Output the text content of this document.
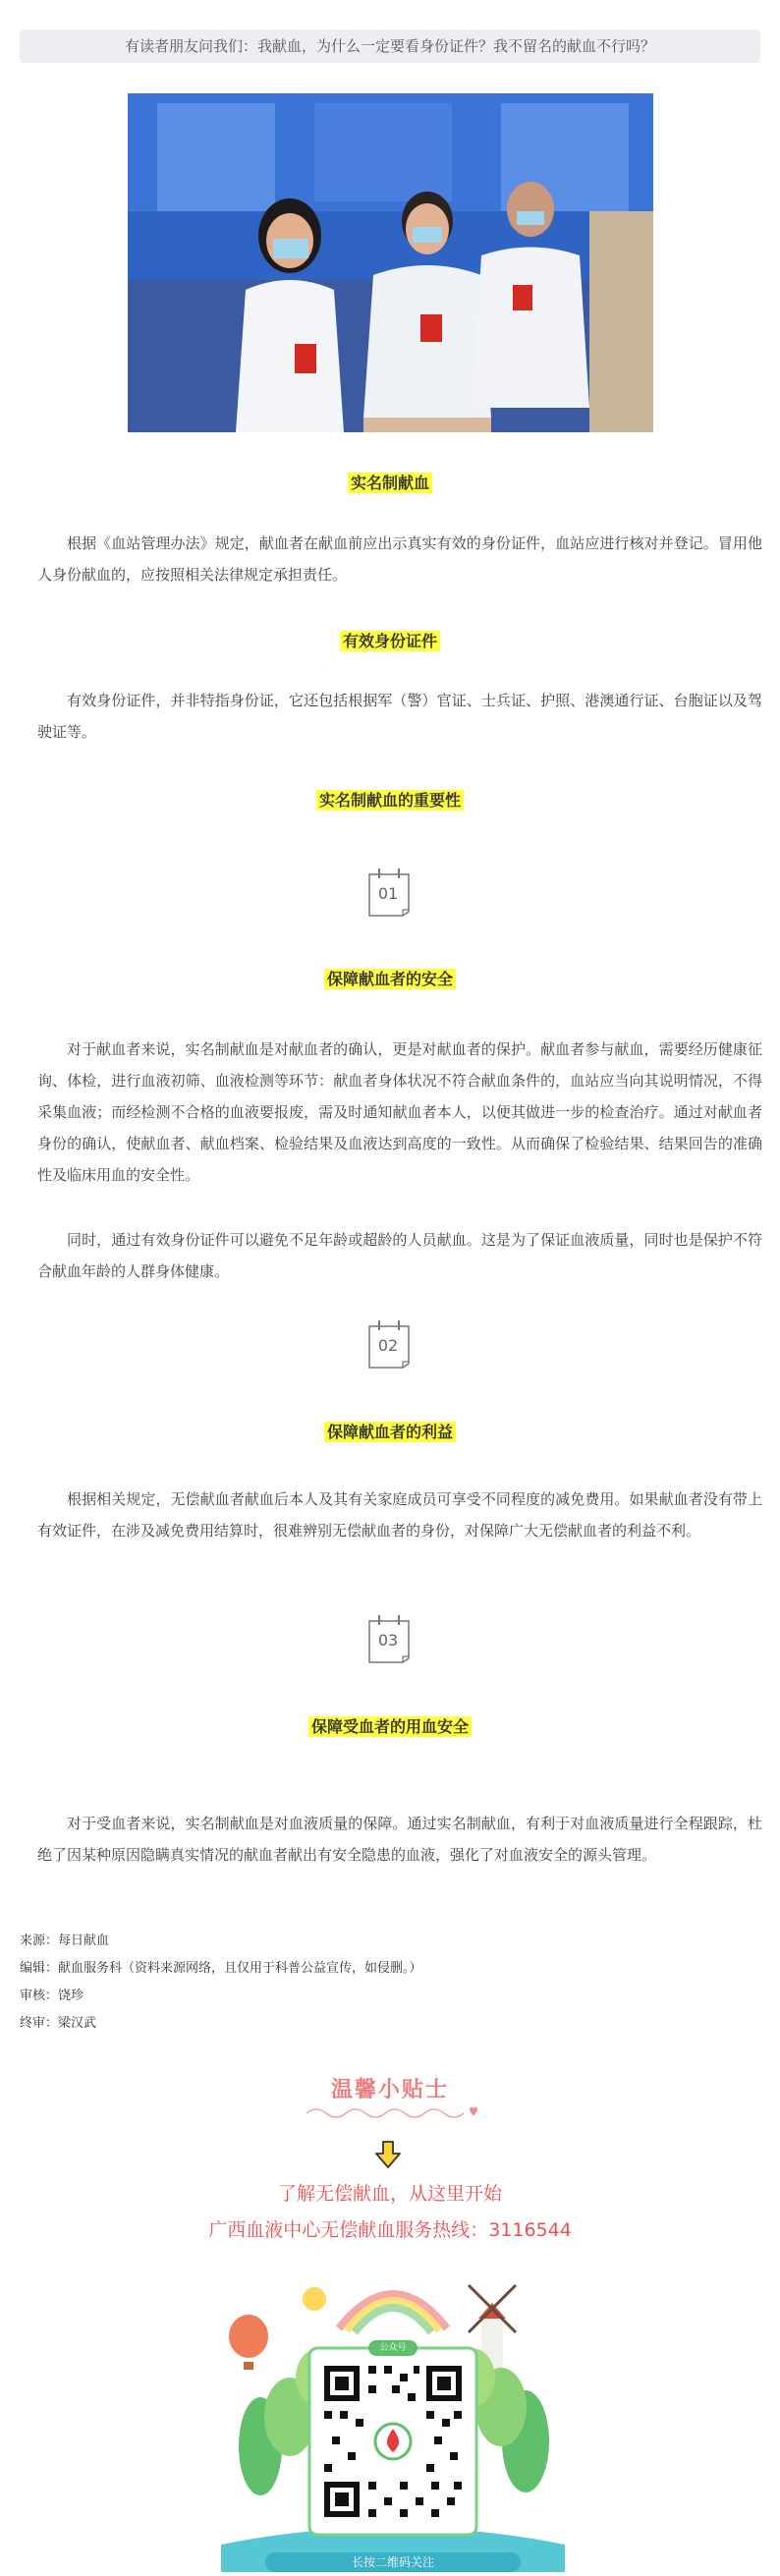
有读者朋友问我们：我献血，为什么一定要看身份证件？我不留名的献血不行吗？

实名制献血

根据《血站管理办法》规定，献血者在献血前应出示真实有效的身份证件，血站应进行核对并登记。冒用他人身份献血的，应按照相关法律规定承担责任。

有效身份证件

有效身份证件，并非特指身份证，它还包括根据军（警）官证、士兵证、护照、港澳通行证、台胞证以及驾驶证等。

实名制献血的重要性

01

保障献血者的安全

对于献血者来说，实名制献血是对献血者的确认，更是对献血者的保护。献血者参与献血，需要经历健康征询、体检，进行血液初筛、血液检测等环节：献血者身体状况不符合献血条件的，血站应当向其说明情况，不得采集血液；而经检测不合格的血液要报废，需及时通知献血者本人，以便其做进一步的检查治疗。通过对献血者身份的确认，使献血者、献血档案、检验结果及血液达到高度的一致性。从而确保了检验结果、结果回告的准确性及临床用血的安全性。

同时，通过有效身份证件可以避免不足年龄或超龄的人员献血。这是为了保证血液质量，同时也是保护不符合献血年龄的人群身体健康。

02

保障献血者的利益

根据相关规定，无偿献血者献血后本人及其有关家庭成员可享受不同程度的减免费用。如果献血者没有带上有效证件，在涉及减免费用结算时，很难辨别无偿献血者的身份，对保障广大无偿献血者的利益不利。

03

保障受血者的用血安全

对于受血者来说，实名制献血是对血液质量的保障。通过实名制献血，有利于对血液质量进行全程跟踪，杜绝了因某种原因隐瞒真实情况的献血者献出有安全隐患的血液，强化了对血液安全的源头管理。

来源：每日献血

编辑：献血服务科（资料来源网络，且仅用于科普公益宣传，如侵删。）

审核：饶珍

终审：梁汉武

温馨小贴士
了解无偿献血，从这里开始
广西血液中心无偿献血服务热线：3116544
公众号
长按二维码关注
